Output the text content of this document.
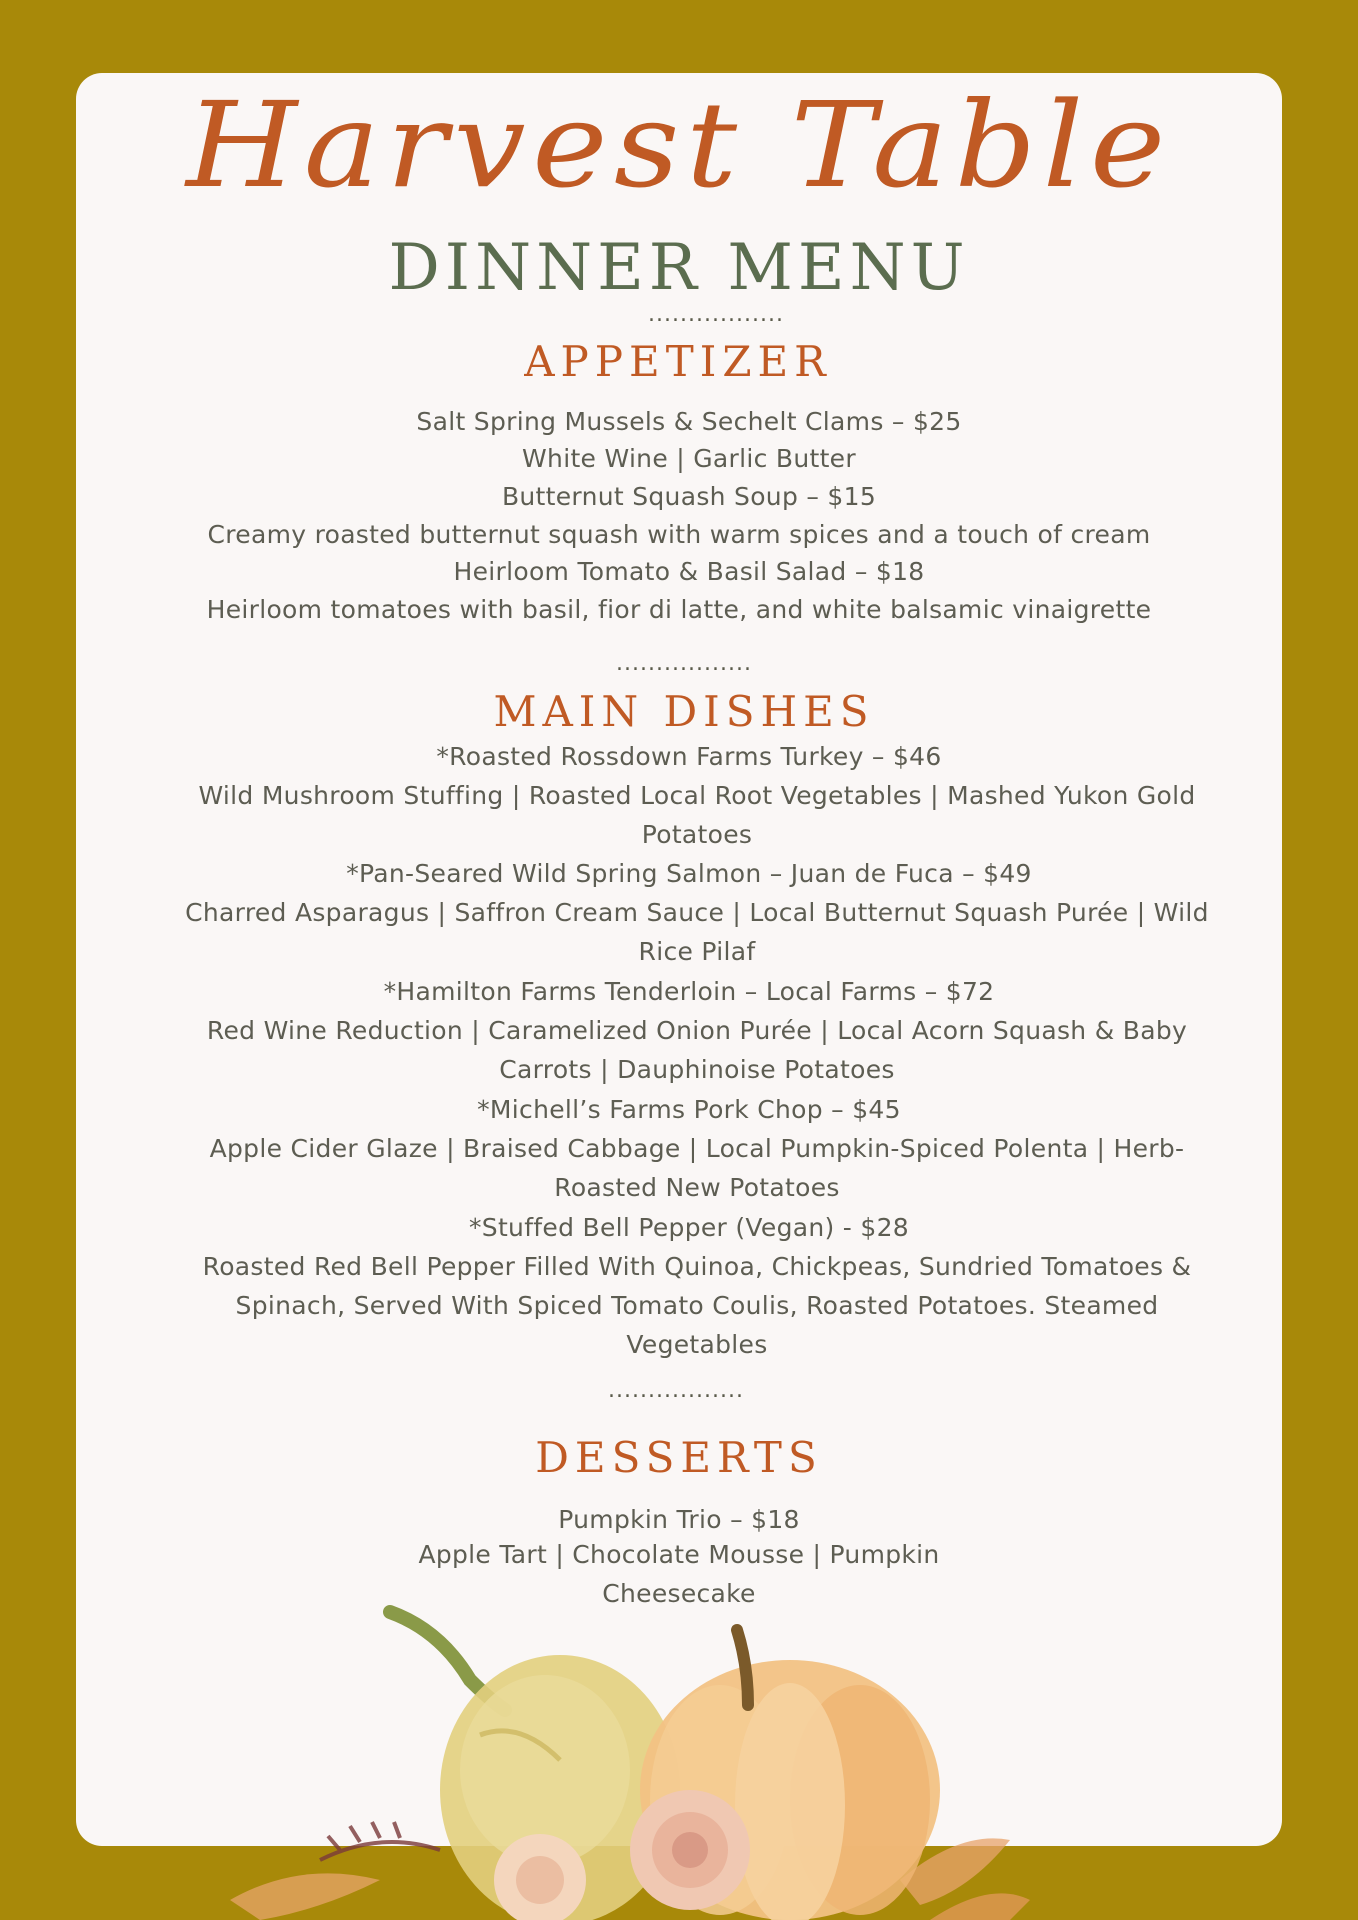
Harvest Table
DINNER MENU
.................
APPETIZER
Salt Spring Mussels & Sechelt Clams – $25
White Wine | Garlic Butter
Butternut Squash Soup – $15
Creamy roasted butternut squash with warm spices and a touch of cream
Heirloom Tomato & Basil Salad – $18
Heirloom tomatoes with basil, fior di latte, and white balsamic vinaigrette
.................
MAIN DISHES
*Roasted Rossdown Farms Turkey – $46
Wild Mushroom Stuffing | Roasted Local Root Vegetables | Mashed Yukon Gold Potatoes
*Pan-Seared Wild Spring Salmon – Juan de Fuca – $49
Charred Asparagus | Saffron Cream Sauce | Local Butternut Squash Purée | Wild Rice Pilaf
*Hamilton Farms Tenderloin – Local Farms – $72
Red Wine Reduction | Caramelized Onion Purée | Local Acorn Squash & Baby Carrots | Dauphinoise Potatoes
*Michell’s Farms Pork Chop – $45
Apple Cider Glaze | Braised Cabbage | Local Pumpkin-Spiced Polenta | Herb-Roasted New Potatoes
*Stuffed Bell Pepper (Vegan) - $28
Roasted Red Bell Pepper Filled With Quinoa, Chickpeas, Sundried Tomatoes & Spinach, Served With Spiced Tomato Coulis, Roasted Potatoes. Steamed Vegetables
.................
DESSERTS
Pumpkin Trio – $18
Apple Tart | Chocolate Mousse | Pumpkin Cheesecake
